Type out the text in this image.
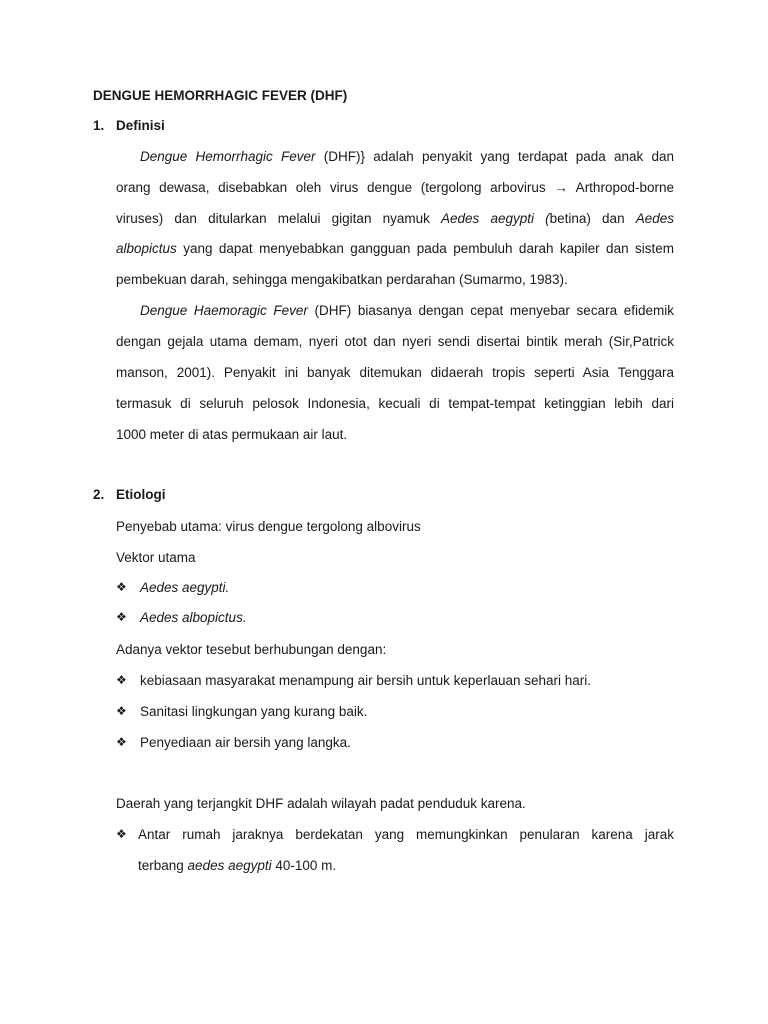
DENGUE HEMORRHAGIC FEVER (DHF)
1. Definisi
Dengue Hemorrhagic Fever (DHF)} adalah penyakit yang terdapat pada anak dan
orang dewasa, disebabkan oleh virus dengue (tergolong arbovirus → Arthropod-borne
viruses) dan ditularkan melalui gigitan nyamuk Aedes aegypti (betina) dan Aedes
albopictus yang dapat menyebabkan gangguan pada pembuluh darah kapiler dan sistem
pembekuan darah, sehingga mengakibatkan perdarahan (Sumarmo, 1983).
Dengue Haemoragic Fever (DHF) biasanya dengan cepat menyebar secara efidemik
dengan gejala utama demam, nyeri otot dan nyeri sendi disertai bintik merah (Sir,Patrick
manson, 2001). Penyakit ini banyak ditemukan didaerah tropis seperti Asia Tenggara
termasuk di seluruh pelosok Indonesia, kecuali di tempat-tempat ketinggian lebih dari
1000 meter di atas permukaan air laut.
2. Etiologi
Penyebab utama: virus dengue tergolong albovirus
Vektor utama
❖ Aedes aegypti.
❖ Aedes albopictus.
Adanya vektor tesebut berhubungan dengan:
❖ kebiasaan masyarakat menampung air bersih untuk keperlauan sehari hari.
❖ Sanitasi lingkungan yang kurang baik.
❖ Penyediaan air bersih yang langka.
Daerah yang terjangkit DHF adalah wilayah padat penduduk karena.
❖ Antar rumah jaraknya berdekatan yang memungkinkan penularan karena jarak
terbang aedes aegypti 40-100 m.
